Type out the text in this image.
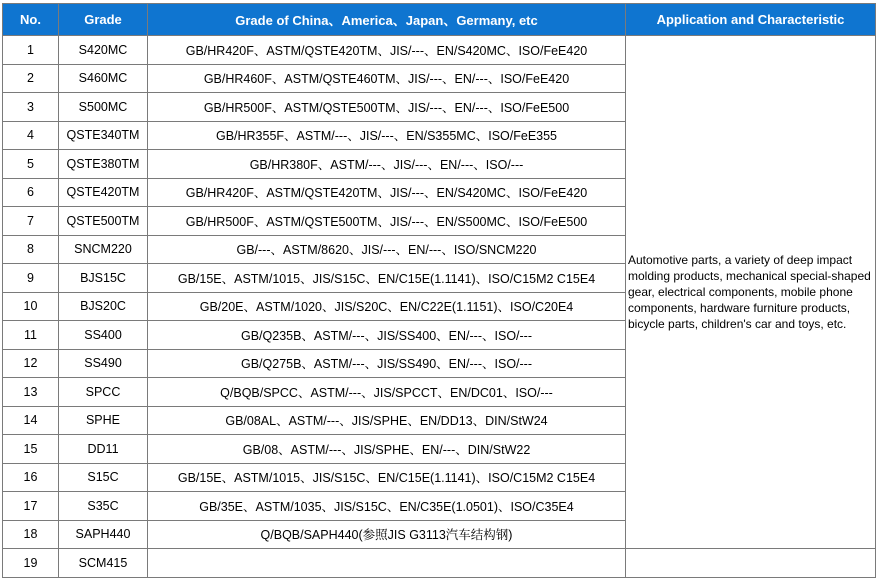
No.	Grade	Grade of China、America、Japan、Germany, etc	Application and Characteristic
1	S420MC	GB/HR420F、ASTM/QSTE420TM、JIS/---、EN/S420MC、ISO/FeE420	Automotive parts, a variety of deep impact molding products, mechanical special-shaped gear, electrical components, mobile phone components, hardware furniture products, bicycle parts, children's car and toys, etc.
2	S460MC	GB/HR460F、ASTM/QSTE460TM、JIS/---、EN/---、ISO/FeE420	
3	S500MC	GB/HR500F、ASTM/QSTE500TM、JIS/---、EN/---、ISO/FeE500	
4	QSTE340TM	GB/HR355F、ASTM/---、JIS/---、EN/S355MC、ISO/FeE355	
5	QSTE380TM	GB/HR380F、ASTM/---、JIS/---、EN/---、ISO/---	
6	QSTE420TM	GB/HR420F、ASTM/QSTE420TM、JIS/---、EN/S420MC、ISO/FeE420	
7	QSTE500TM	GB/HR500F、ASTM/QSTE500TM、JIS/---、EN/S500MC、ISO/FeE500	
8	SNCM220	GB/---、ASTM/8620、JIS/---、EN/---、ISO/SNCM220	
9	BJS15C	GB/15E、ASTM/1015、JIS/S15C、EN/C15E(1.1141)、ISO/C15M2 C15E4	
10	BJS20C	GB/20E、ASTM/1020、JIS/S20C、EN/C22E(1.1151)、ISO/C20E4	
11	SS400	GB/Q235B、ASTM/---、JIS/SS400、EN/---、ISO/---	
12	SS490	GB/Q275B、ASTM/---、JIS/SS490、EN/---、ISO/---	
13	SPCC	Q/BQB/SPCC、ASTM/---、JIS/SPCCT、EN/DC01、ISO/---	
14	SPHE	GB/08AL、ASTM/---、JIS/SPHE、EN/DD13、DIN/StW24	
15	DD11	GB/08、ASTM/---、JIS/SPHE、EN/---、DIN/StW22	
16	S15C	GB/15E、ASTM/1015、JIS/S15C、EN/C15E(1.1141)、ISO/C15M2 C15E4	
17	S35C	GB/35E、ASTM/1035、JIS/S15C、EN/C35E(1.0501)、ISO/C35E4	
18	SAPH440	Q/BQB/SAPH440(参照JIS G3113汽车结构钢)	
19	SCM415		
